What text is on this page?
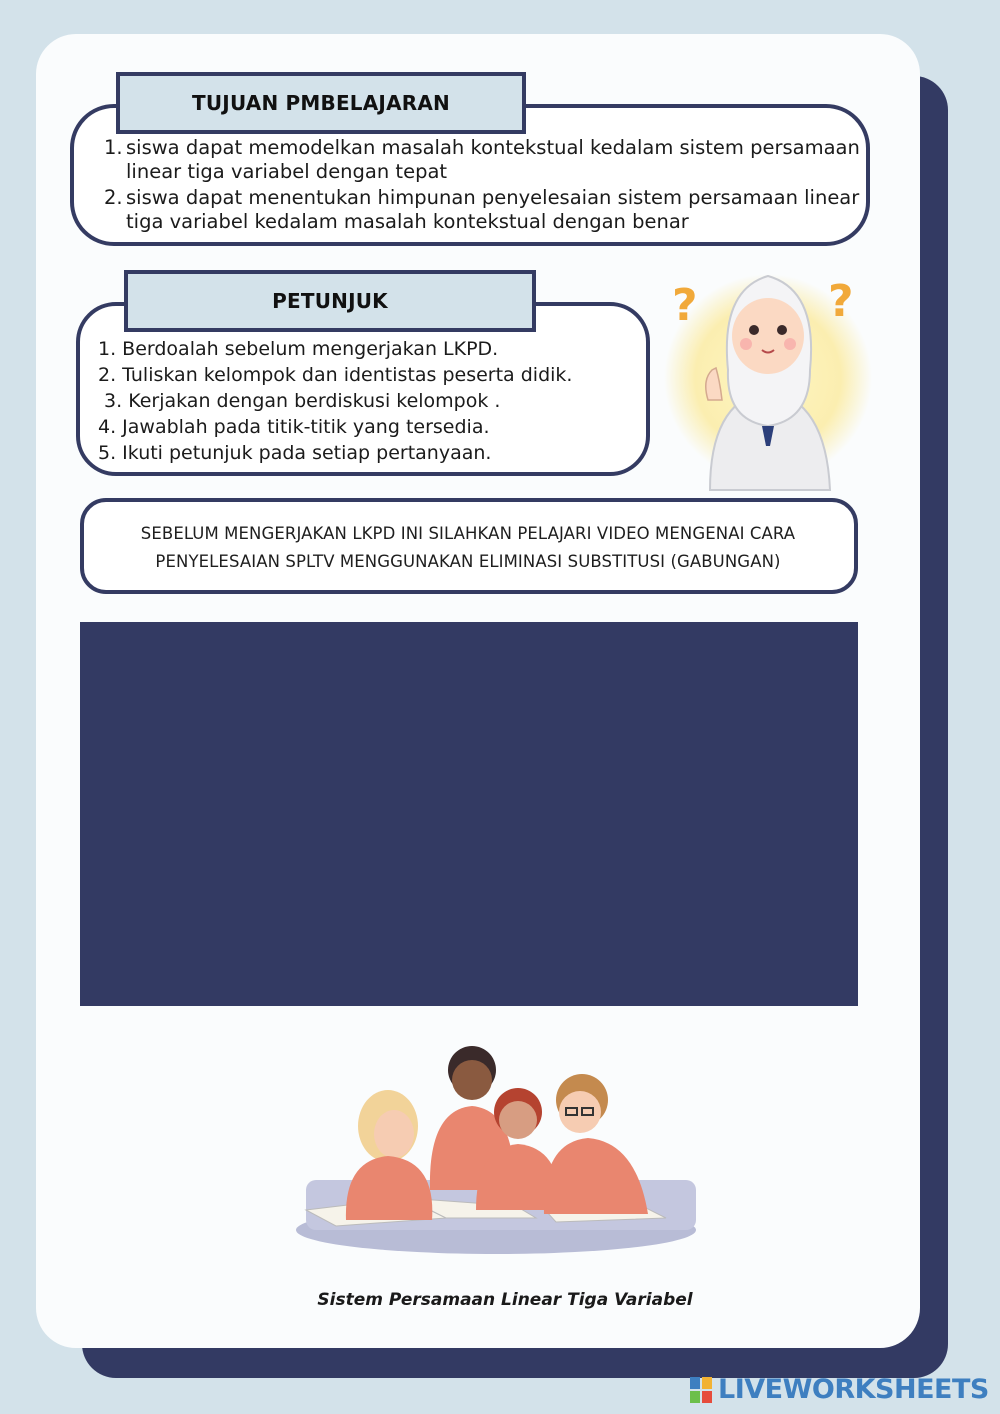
TUJUAN PMBELAJARAN
1. siswa dapat memodelkan masalah kontekstual kedalam sistem persamaan linear tiga variabel dengan tepat
2. siswa dapat menentukan himpunan penyelesaian sistem persamaan linear tiga variabel kedalam masalah kontekstual dengan benar
PETUNJUK
1. Berdoalah sebelum mengerjakan LKPD.
2. Tuliskan kelompok dan identistas peserta didik.
3. Kerjakan dengan berdiskusi kelompok .
4. Jawablah pada titik-titik yang tersedia.
5. Ikuti petunjuk pada setiap pertanyaan.
?	?
SEBELUM MENGERJAKAN LKPD INI SILAHKAN PELAJARI VIDEO MENGENAI CARA
PENYELESAIAN SPLTV MENGGUNAKAN ELIMINASI SUBSTITUSI (GABUNGAN)
Sistem Persamaan Linear Tiga Variabel
LIVEWORKSHEETS
